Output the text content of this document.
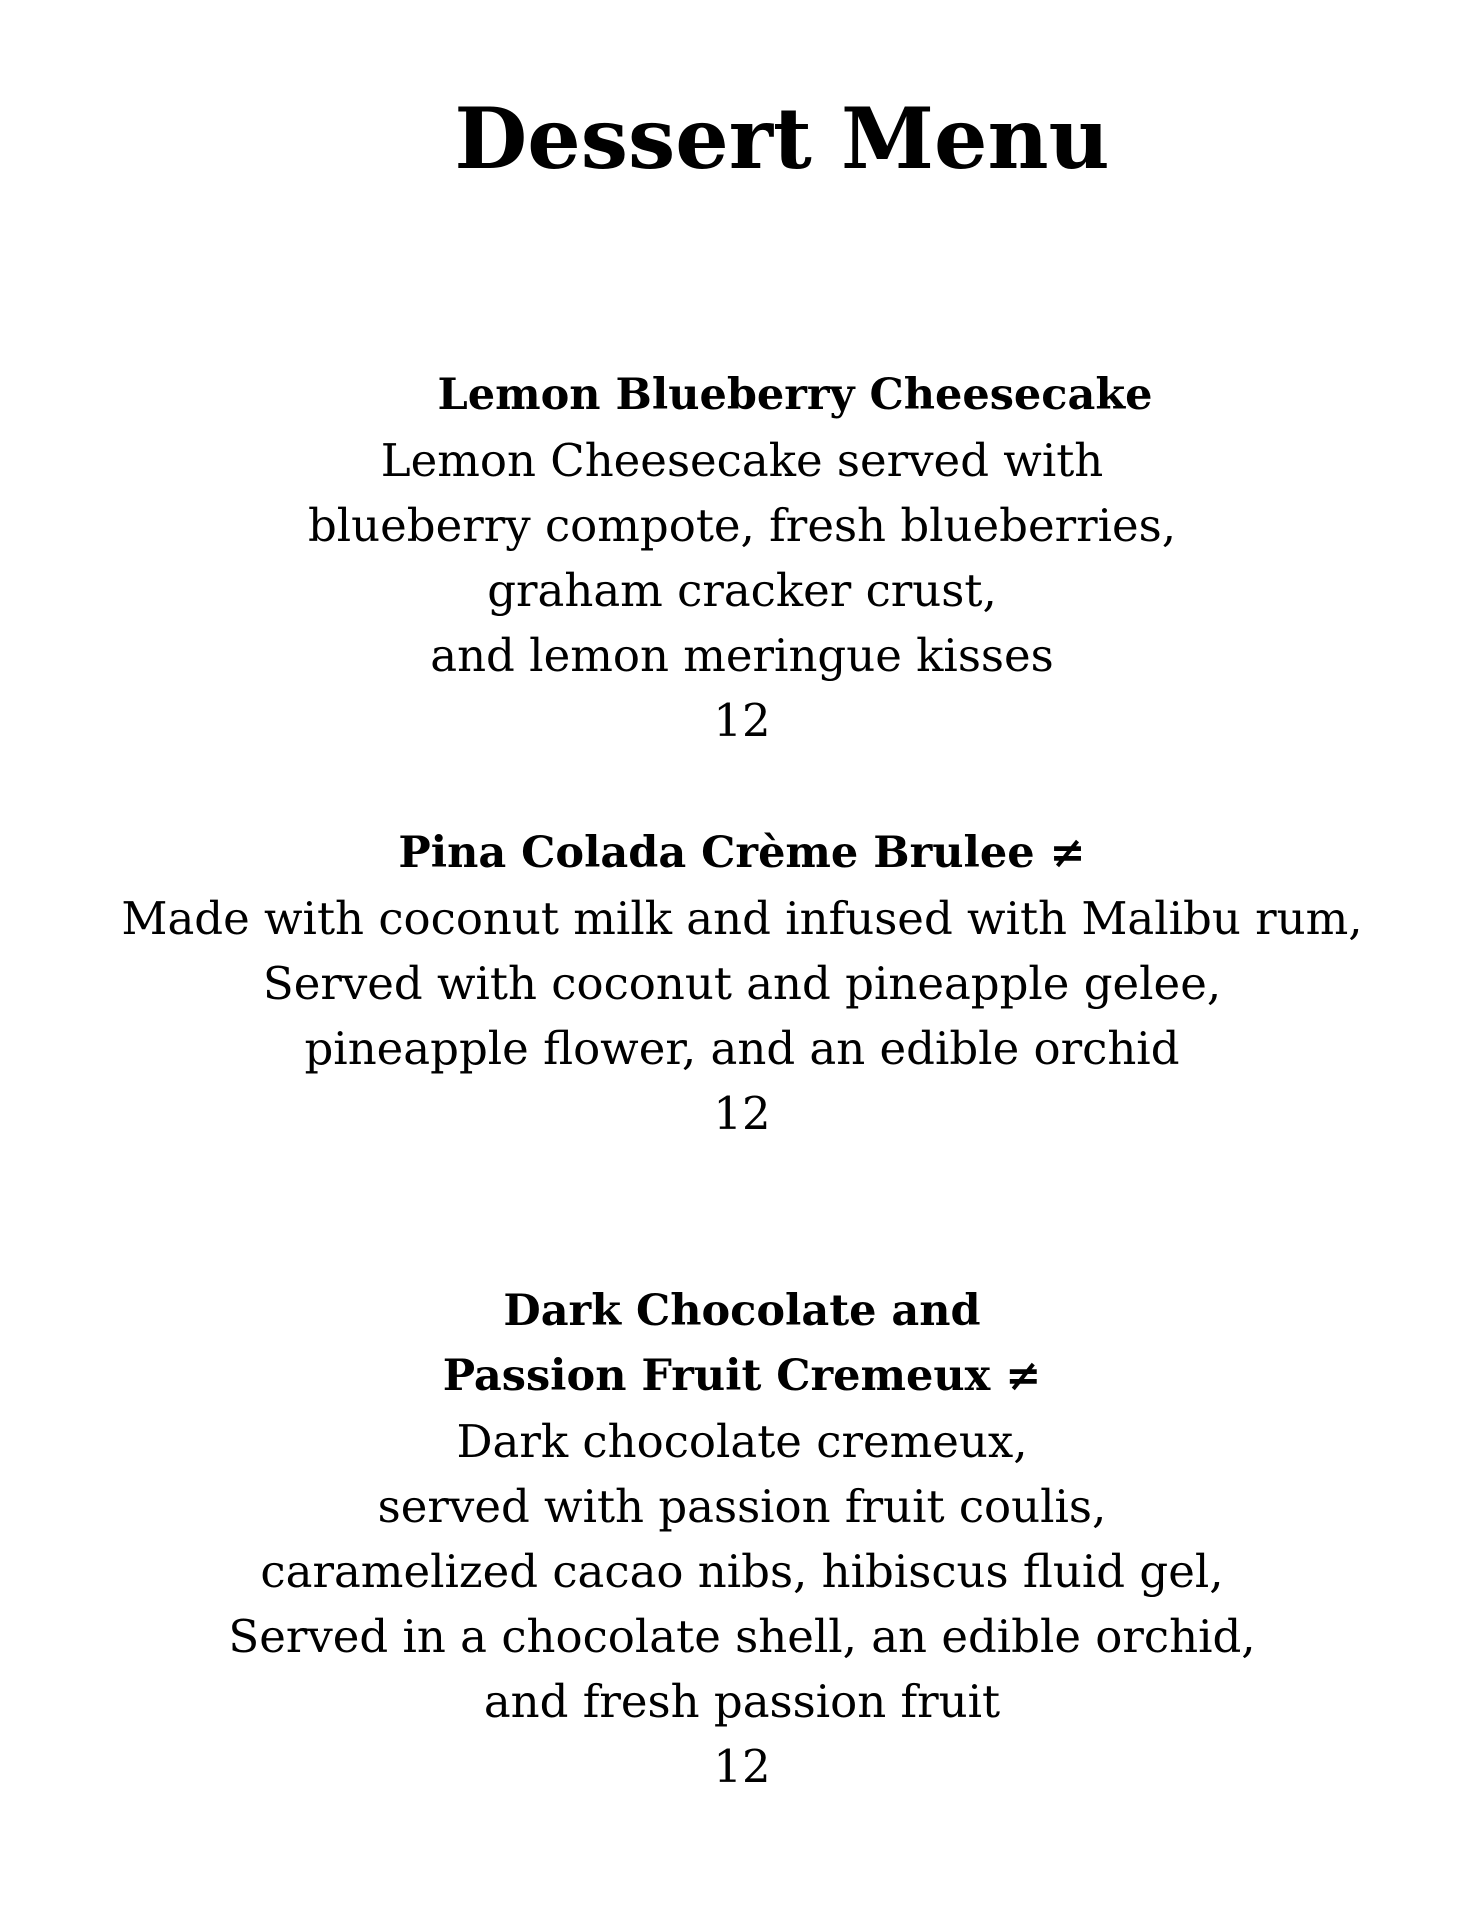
Dessert Menu
Lemon Blueberry Cheesecake
Lemon Cheesecake served with
blueberry compote, fresh blueberries,
graham cracker crust,
and lemon meringue kisses
12
Pina Colada Crème Brulee ≠
Made with coconut milk and infused with Malibu rum,
Served with coconut and pineapple gelee,
pineapple flower, and an edible orchid
12
Dark Chocolate and
Passion Fruit Cremeux ≠
Dark chocolate cremeux,
served with passion fruit coulis,
caramelized cacao nibs, hibiscus fluid gel,
Served in a chocolate shell, an edible orchid,
and fresh passion fruit
12
